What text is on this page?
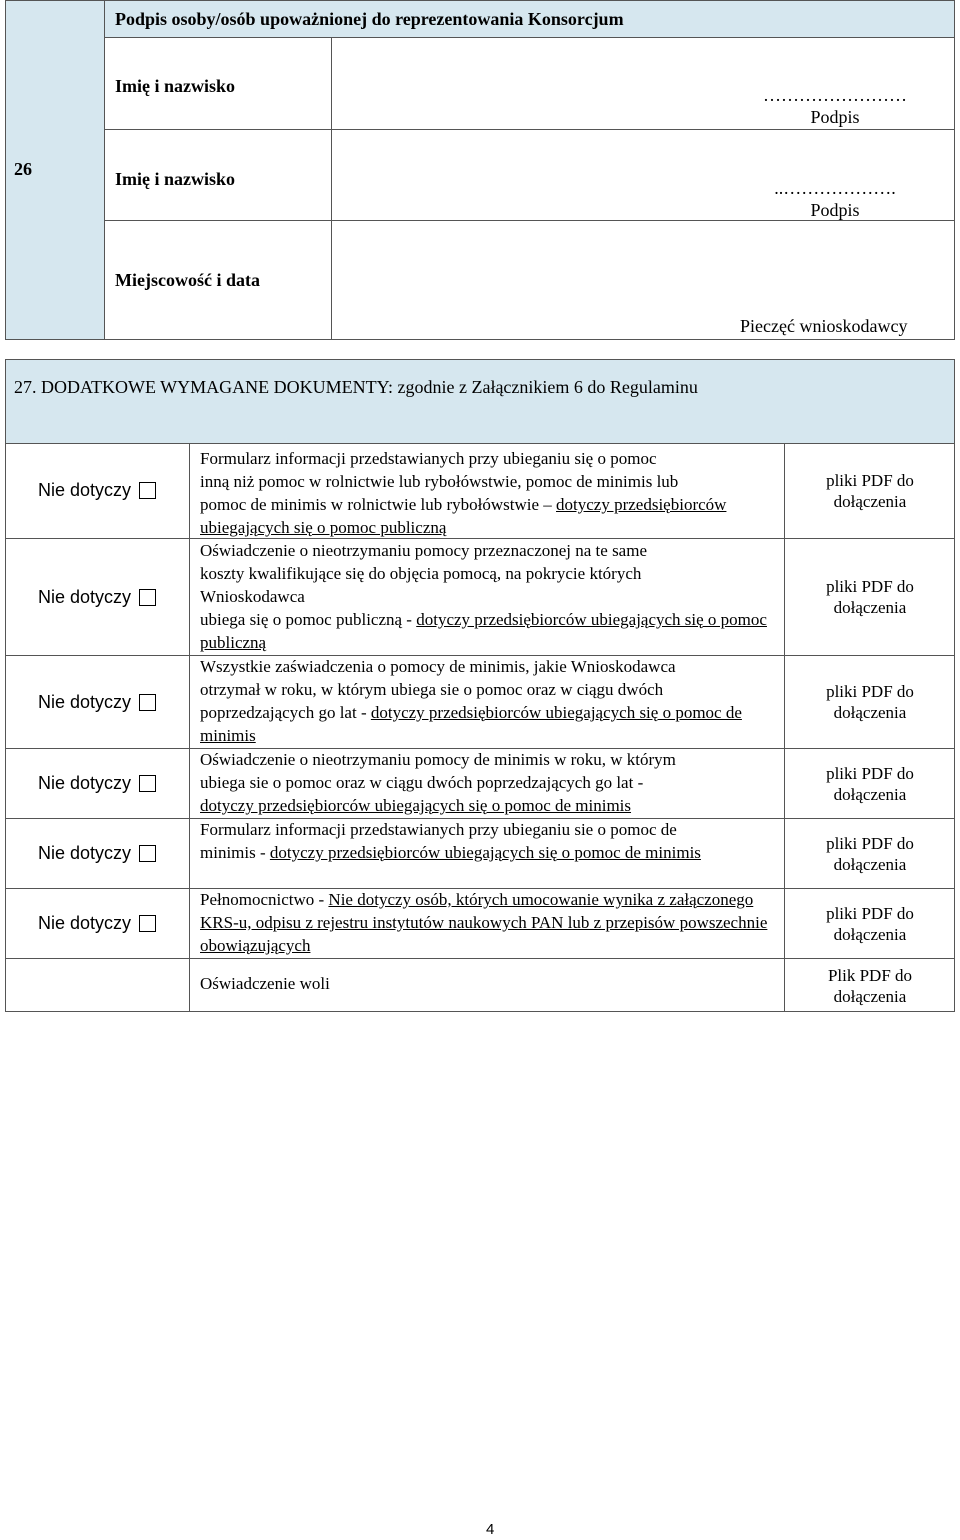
26
Podpis osoby/osób upoważnionej do reprezentowania Konsorcjum
Imię i nazwisko
Imię i nazwisko
Miejscowość i data
……………………
Podpis
..……………….
Podpis
Pieczęć wnioskodawcy
27. DODATKOWE WYMAGANE DOKUMENTY: zgodnie z Załącznikiem 6 do Regulaminu
Nie dotyczy
Formularz informacji przedstawianych przy ubieganiu się o pomoc
inną niż pomoc w rolnictwie lub rybołówstwie, pomoc de minimis lub
pomoc de minimis w rolnictwie lub rybołówstwie – dotyczy przedsiębiorców ubiegających się o pomoc publiczną
pliki PDF do
dołączenia
Nie dotyczy
Oświadczenie o nieotrzymaniu pomocy przeznaczonej na te same
koszty kwalifikujące się do objęcia pomocą, na pokrycie których
Wnioskodawca
ubiega się o pomoc publiczną - dotyczy przedsiębiorców ubiegających się o pomoc publiczną
pliki PDF do
dołączenia
Nie dotyczy
Wszystkie zaświadczenia o pomocy de minimis, jakie Wnioskodawca
otrzymał w roku, w którym ubiega sie o pomoc oraz w ciągu dwóch
poprzedzających go lat - dotyczy przedsiębiorców ubiegających się o pomoc de minimis
pliki PDF do
dołączenia
Nie dotyczy
Oświadczenie o nieotrzymaniu pomocy de minimis w roku, w którym
ubiega sie o pomoc oraz w ciągu dwóch poprzedzających go lat -
dotyczy przedsiębiorców ubiegających się o pomoc de minimis
pliki PDF do
dołączenia
Nie dotyczy
Formularz informacji przedstawianych przy ubieganiu sie o pomoc de
minimis - dotyczy przedsiębiorców ubiegających się o pomoc de minimis	pliki PDF do
dołączenia
Nie dotyczy
Pełnomocnictwo - Nie dotyczy osób, których umocowanie wynika z załączonego KRS-u, odpisu z rejestru instytutów naukowych PAN lub z przepisów powszechnie obowiązujących
pliki PDF do
dołączenia
Oświadczenie woli	Plik PDF do
dołączenia
4
